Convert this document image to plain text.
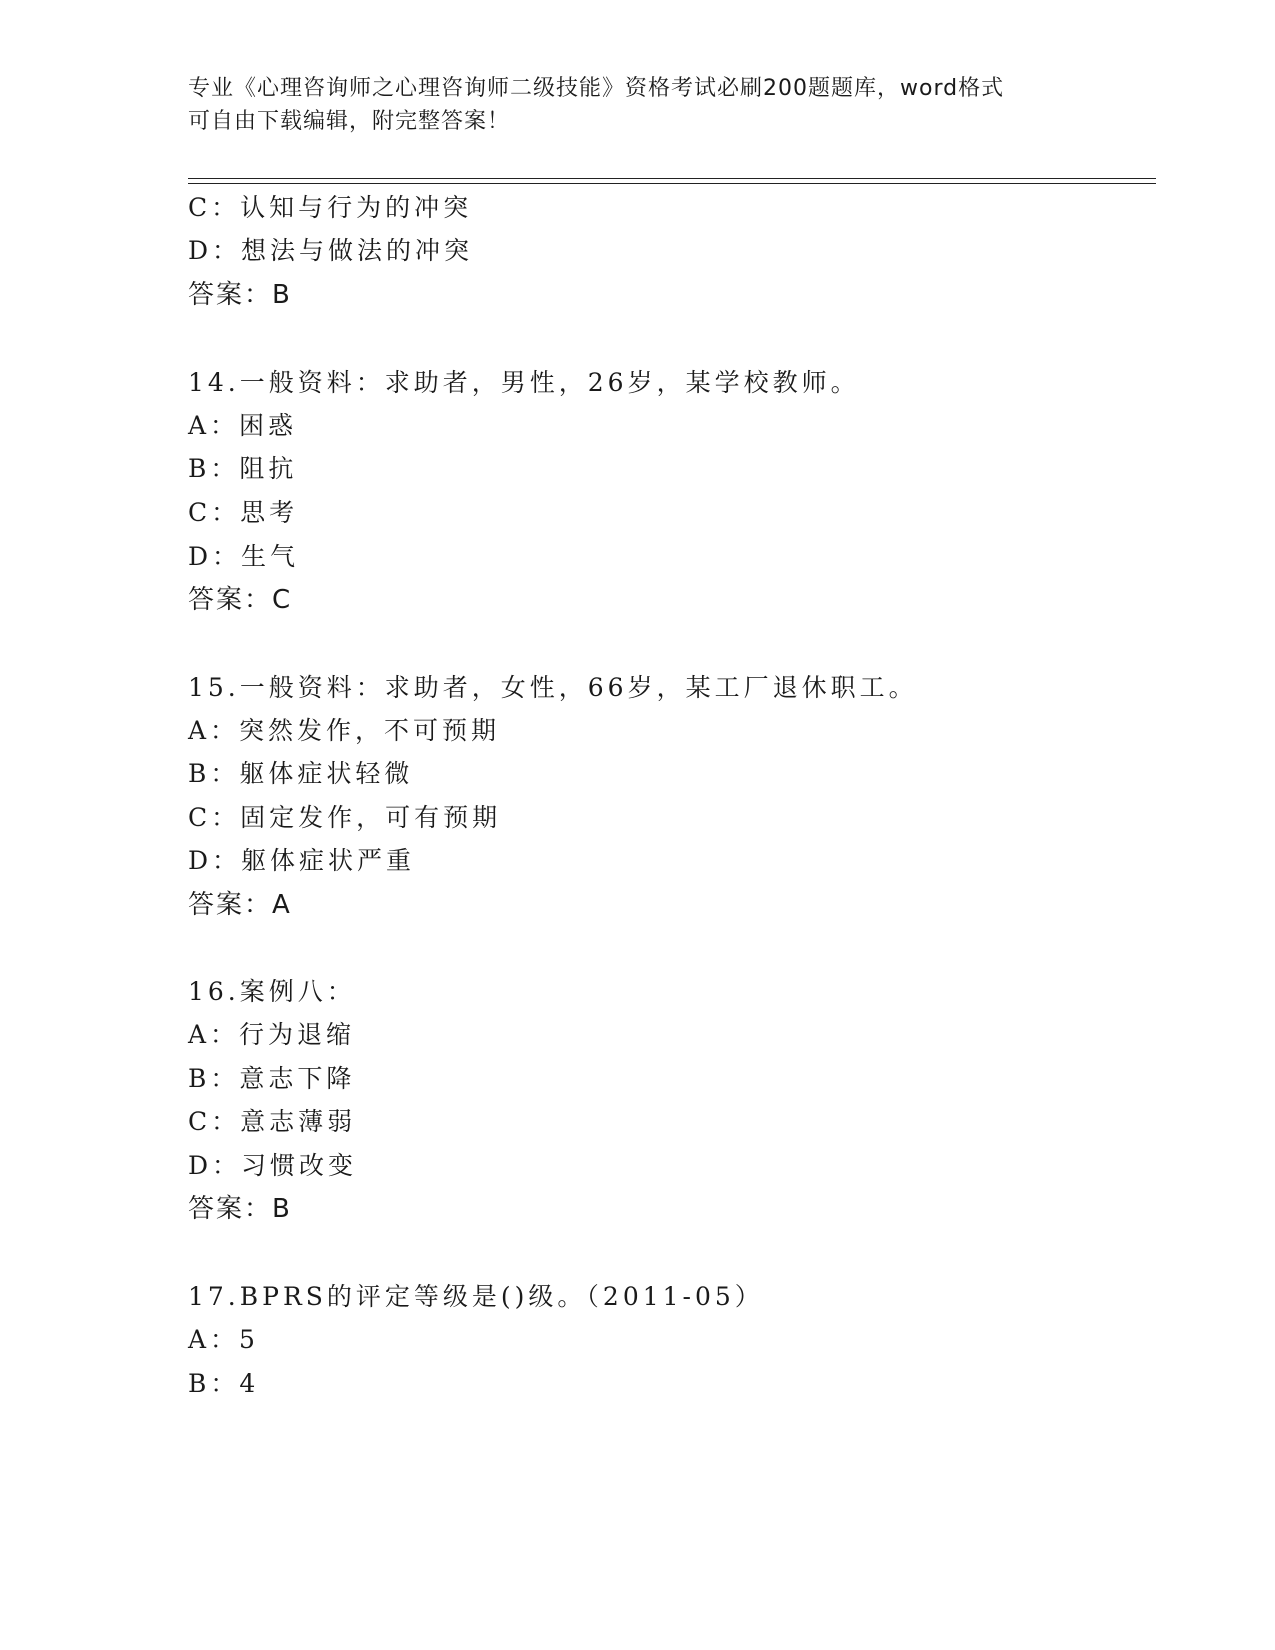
专业《心理咨询师之心理咨询师二级技能》资格考试必刷200题题库，word格式
可自由下载编辑，附完整答案！
C：认知与行为的冲突
D：想法与做法的冲突
答案：B
14.一般资料：求助者，男性，26岁，某学校教师。
A：困惑
B：阻抗
C：思考
D：生气
答案：C
15.一般资料：求助者，女性，66岁，某工厂退休职工。
A：突然发作，不可预期
B：躯体症状轻微
C：固定发作，可有预期
D：躯体症状严重
答案：A
16.案例八：
A：行为退缩
B：意志下降
C：意志薄弱
D：习惯改变
答案：B
17.BPRS的评定等级是()级。（2011-05）
A：5
B：4
